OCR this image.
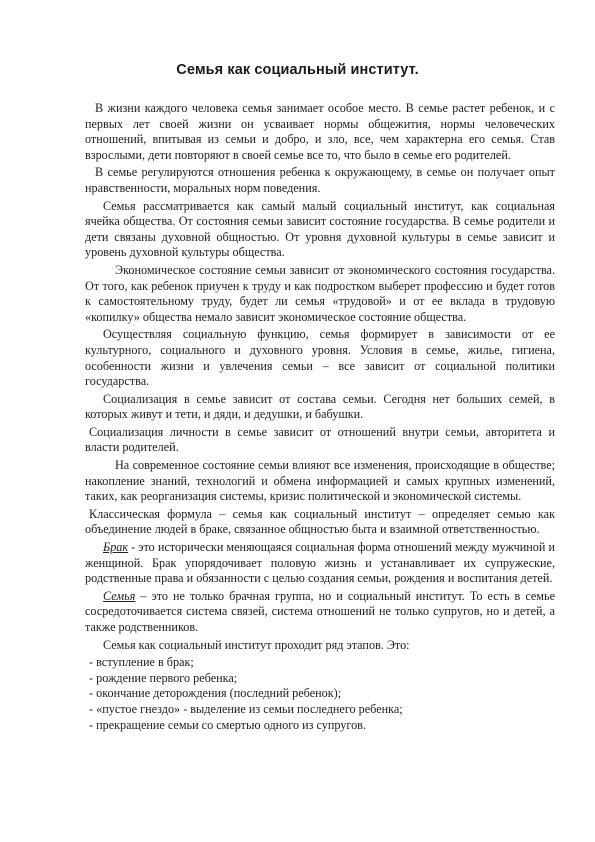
Семья как социальный институт.

В жизни каждого человека семья занимает особое место. В семье растет ребенок, и с первых лет своей жизни он усваивает нормы общежития, нормы человеческих отношений, впитывая из семьи и добро, и зло, все, чем характерна его семья. Став взрослыми, дети повторяют в своей семье все то, что было в семье его родителей.

В семье регулируются отношения ребенка к окружающему, в семье он получает опыт нравственности, моральных норм поведения.

Семья рассматривается как самый малый социальный институт, как социальная ячейка общества. От состояния семьи зависит состояние государства. В семье родители и дети связаны духовной общностью. От уровня духовной культуры в семье зависит и уровень духовной культуры общества.

Экономическое состояние семьи зависит от экономического состояния государства. От того, как ребенок приучен к труду и как подростком выберет профессию и будет готов к самостоятельному труду, будет ли семья «трудовой» и от ее вклада в трудовую «копилку» общества немало зависит экономическое состояние общества.

Осуществляя социальную функцию, семья формирует в зависимости от ее культурного, социального и духовного уровня. Условия в семье, жилье, гигиена, особенности жизни и увлечения семьи – все зависит от социальной политики государства.

Социализация в семье зависит от состава семьи. Сегодня нет больших семей, в которых живут и тети, и дяди, и дедушки, и бабушки.

Социализация личности в семье зависит от отношений внутри семьи, авторитета и власти родителей.

На современное состояние семьи влияют все изменения, происходящие в обществе; накопление знаний, технологий и обмена информацией и самых крупных изменений, таких, как реорганизация системы, кризис политической и экономической системы.

Классическая формула – семья как социальный институт – определяет семью как объединение людей в браке, связанное общностью быта и взаимной ответственностью.

Брак - это исторически меняющаяся социальная форма отношений между мужчиной и женщиной. Брак упорядочивает половую жизнь и устанавливает их супружеские, родственные права и обязанности с целью создания семьи, рождения и воспитания детей.

Семья – это не только брачная группа, но и социальный институт. То есть в семье сосредоточивается система связей, система отношений не только супругов, но и детей, а также родственников.

Семья как социальный институт проходит ряд этапов. Это:

- вступление в брак;
- рождение первого ребенка;
- окончание деторождения (последний ребенок);
- «пустое гнездо» - выделение из семьи последнего ребенка;
- прекращение семьи со смертью одного из супругов.
